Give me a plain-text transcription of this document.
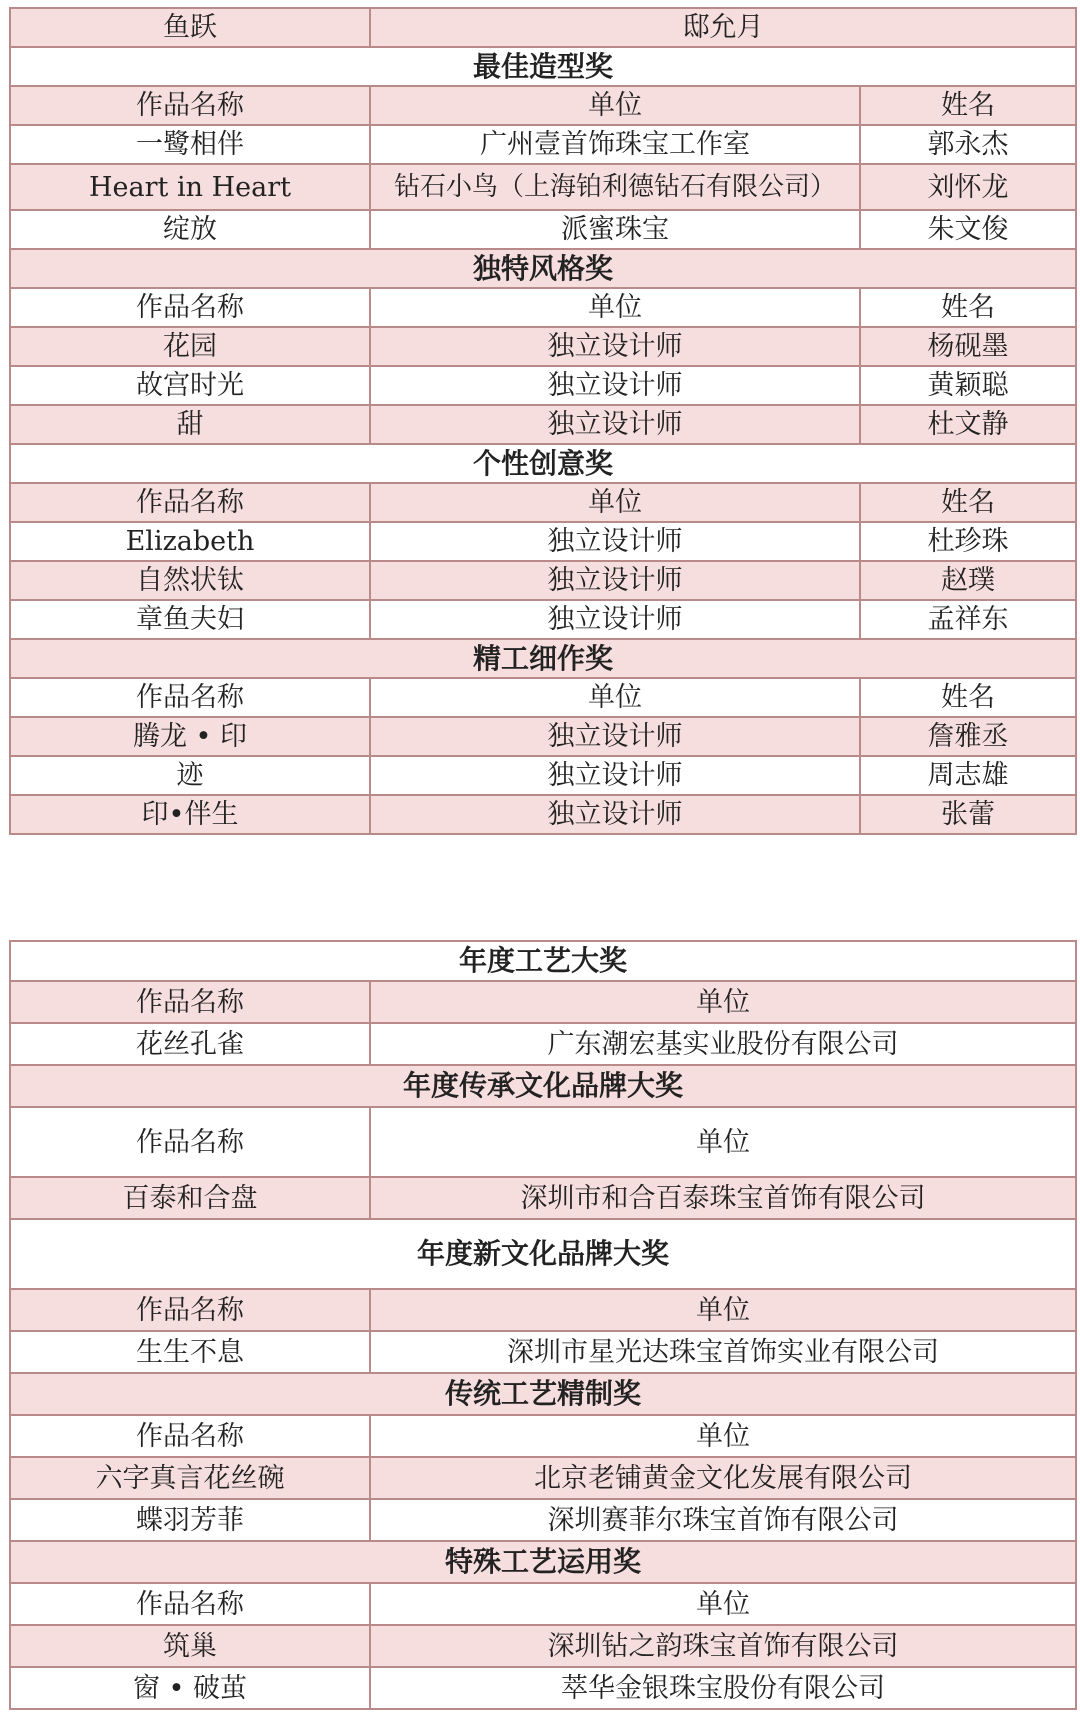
鱼跃	邸允月	
最佳造型奖		
作品名称	单位	姓名
一鹭相伴	广州壹首饰珠宝工作室	郭永杰
Heart in Heart	钻石小鸟（上海铂利德钻石有限公司）	刘怀龙
绽放	派蜜珠宝	朱文俊
独特风格奖		
作品名称	单位	姓名
花园	独立设计师	杨砚墨
故宫时光	独立设计师	黄颖聪
甜	独立设计师	杜文静
个性创意奖		
作品名称	单位	姓名
Elizabeth	独立设计师	杜珍珠
自然状钛	独立设计师	赵璞
章鱼夫妇	独立设计师	孟祥东
精工细作奖		
作品名称	单位	姓名
腾龙 • 印	独立设计师	詹雅丞
迹	独立设计师	周志雄
印•伴生	独立设计师	张蕾
年度工艺大奖	
作品名称	单位
花丝孔雀	广东潮宏基实业股份有限公司
年度传承文化品牌大奖	
作品名称	单位
百泰和合盘	深圳市和合百泰珠宝首饰有限公司
年度新文化品牌大奖	
作品名称	单位
生生不息	深圳市星光达珠宝首饰实业有限公司
传统工艺精制奖	
作品名称	单位
六字真言花丝碗	北京老铺黄金文化发展有限公司
蝶羽芳菲	深圳赛菲尔珠宝首饰有限公司
特殊工艺运用奖	
作品名称	单位
筑巢	深圳钻之韵珠宝首饰有限公司
窗 • 破茧	萃华金银珠宝股份有限公司
